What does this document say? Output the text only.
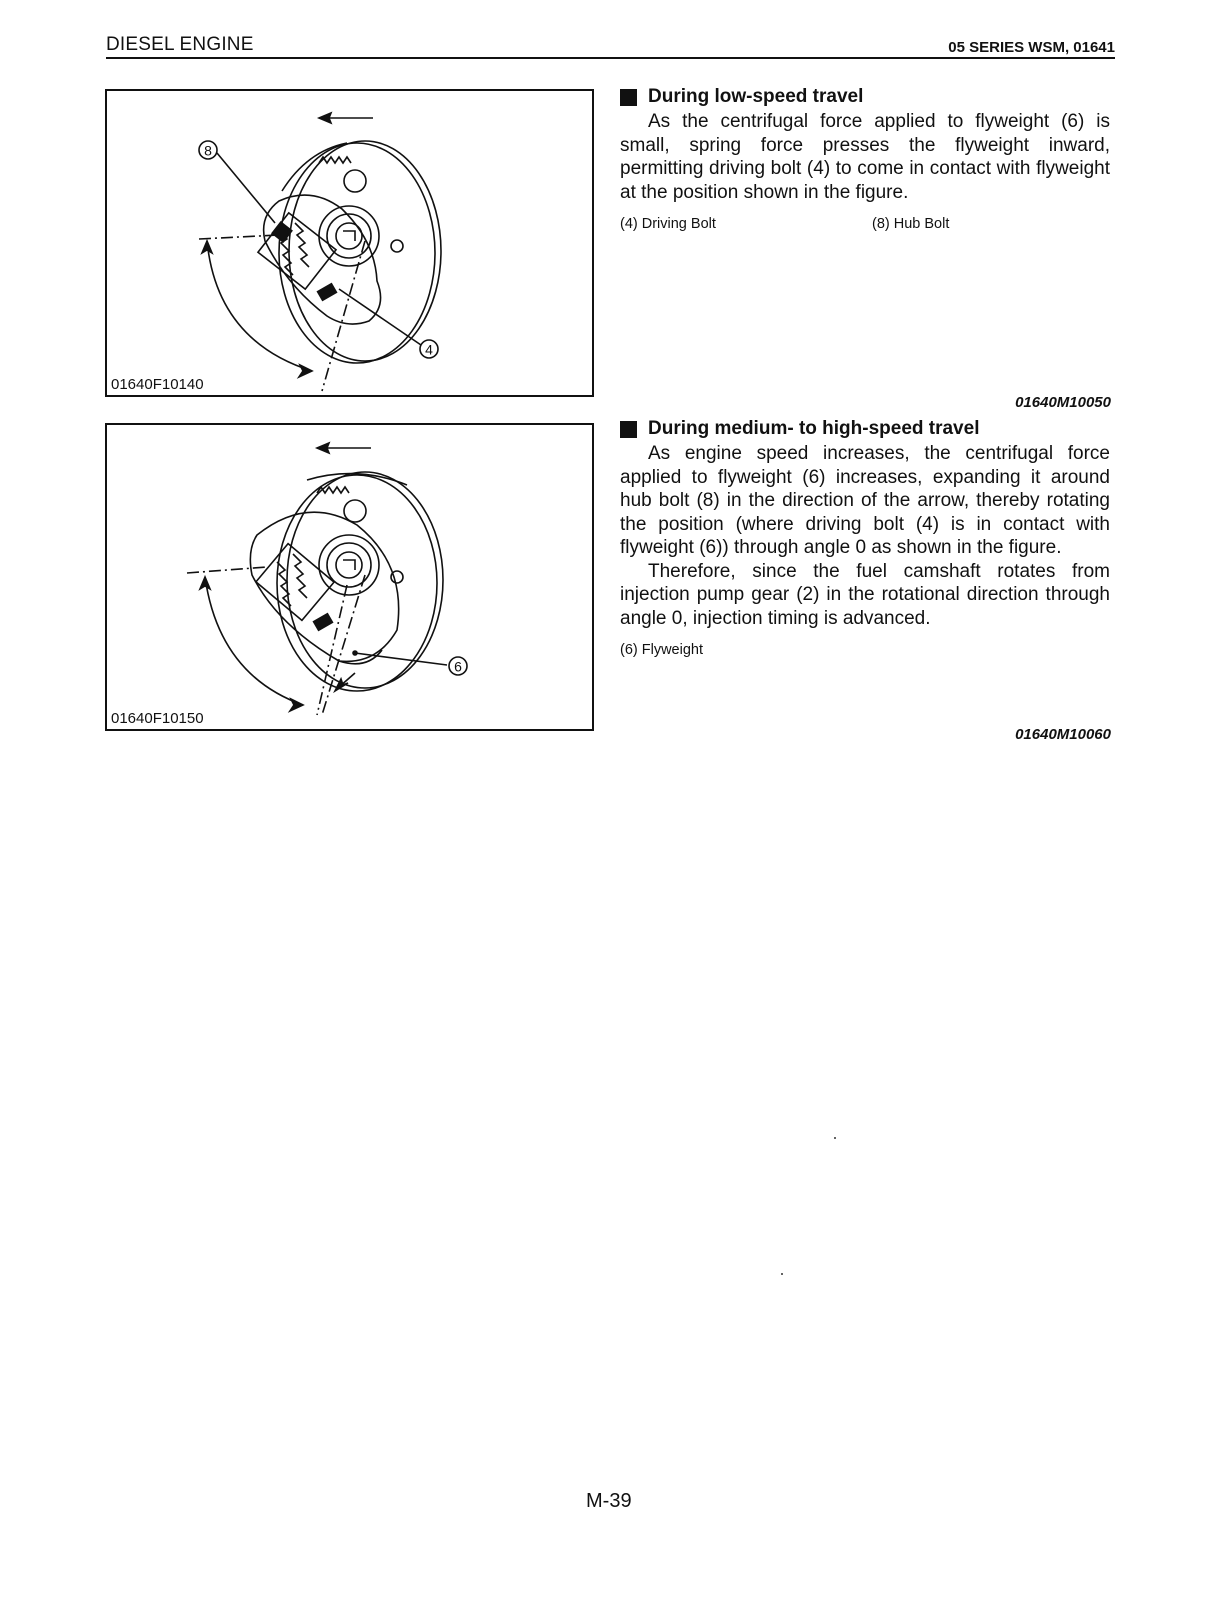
DIESEL ENGINE	05 SERIES WSM, 01641
8
4
01640F10140
6
01640F10150
During low-speed travel

As the centrifugal force applied to flyweight (6) is small, spring force presses the flyweight inward, permitting driving bolt (4) to come in contact with flyweight at the position shown in the figure.

(4) Driving Bolt	(8) Hub Bolt
01640M10050
During medium- to high-speed travel

As engine speed increases, the centrifugal force applied to flyweight (6) increases, expanding it around hub bolt (8) in the direction of the arrow, thereby rotating the position (where driving bolt (4) is in contact with flyweight (6)) through angle 0 as shown in the figure.

Therefore, since the fuel camshaft rotates from injection pump gear (2) in the rotational direction through angle 0, injection timing is advanced.

(6) Flyweight
01640M10060
M-39
